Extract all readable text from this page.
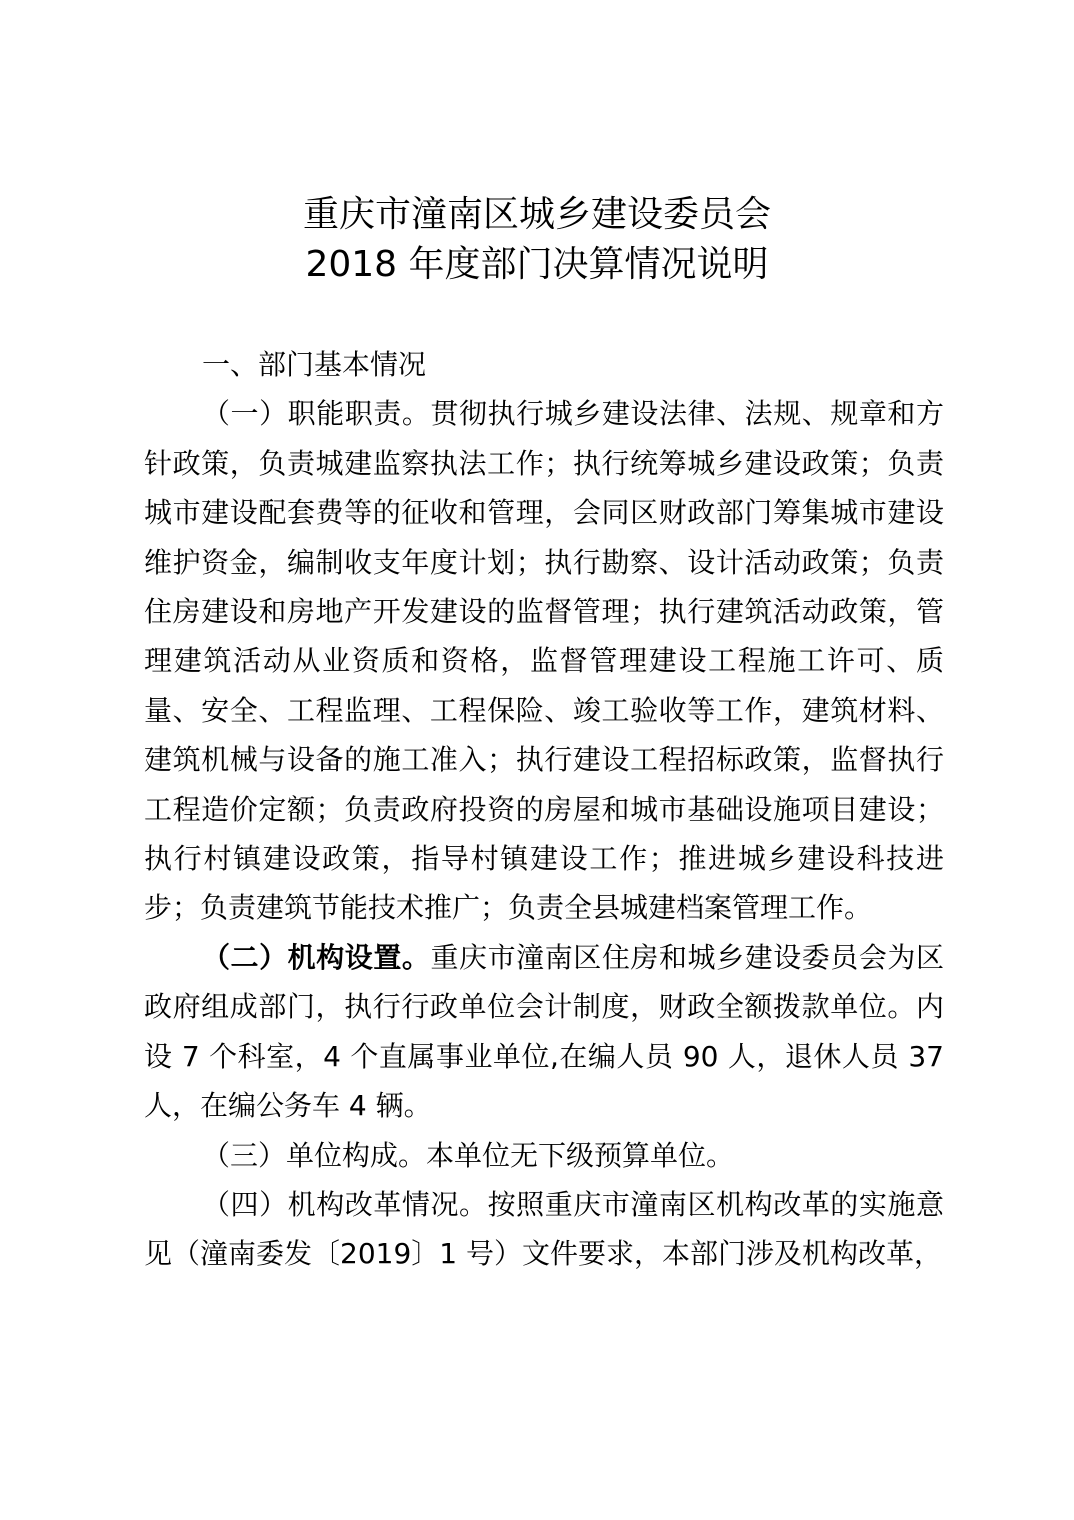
重庆市潼南区城乡建设委员会
2018 年度部门决算情况说明

一、部门基本情况

（一）职能职责。贯彻执行城乡建设法律、法规、规章和方针政策，负责城建监察执法工作；执行统筹城乡建设政策；负责城市建设配套费等的征收和管理，会同区财政部门筹集城市建设维护资金，编制收支年度计划；执行勘察、设计活动政策；负责住房建设和房地产开发建设的监督管理；执行建筑活动政策，管理建筑活动从业资质和资格，监督管理建设工程施工许可、质量、安全、工程监理、工程保险、竣工验收等工作，建筑材料、建筑机械与设备的施工准入；执行建设工程招标政策，监督执行工程造价定额；负责政府投资的房屋和城市基础设施项目建设；执行村镇建设政策，指导村镇建设工作；推进城乡建设科技进步；负责建筑节能技术推广；负责全县城建档案管理工作。

（二）机构设置。重庆市潼南区住房和城乡建设委员会为区政府组成部门，执行行政单位会计制度，财政全额拨款单位。内设 7 个科室，4 个直属事业单位,在编人员 90 人，退休人员 37 人，在编公务车 4 辆。

（三）单位构成。本单位无下级预算单位。

（四）机构改革情况。按照重庆市潼南区机构改革的实施意见（潼南委发〔2019〕1 号）文件要求，本部门涉及机构改革，
